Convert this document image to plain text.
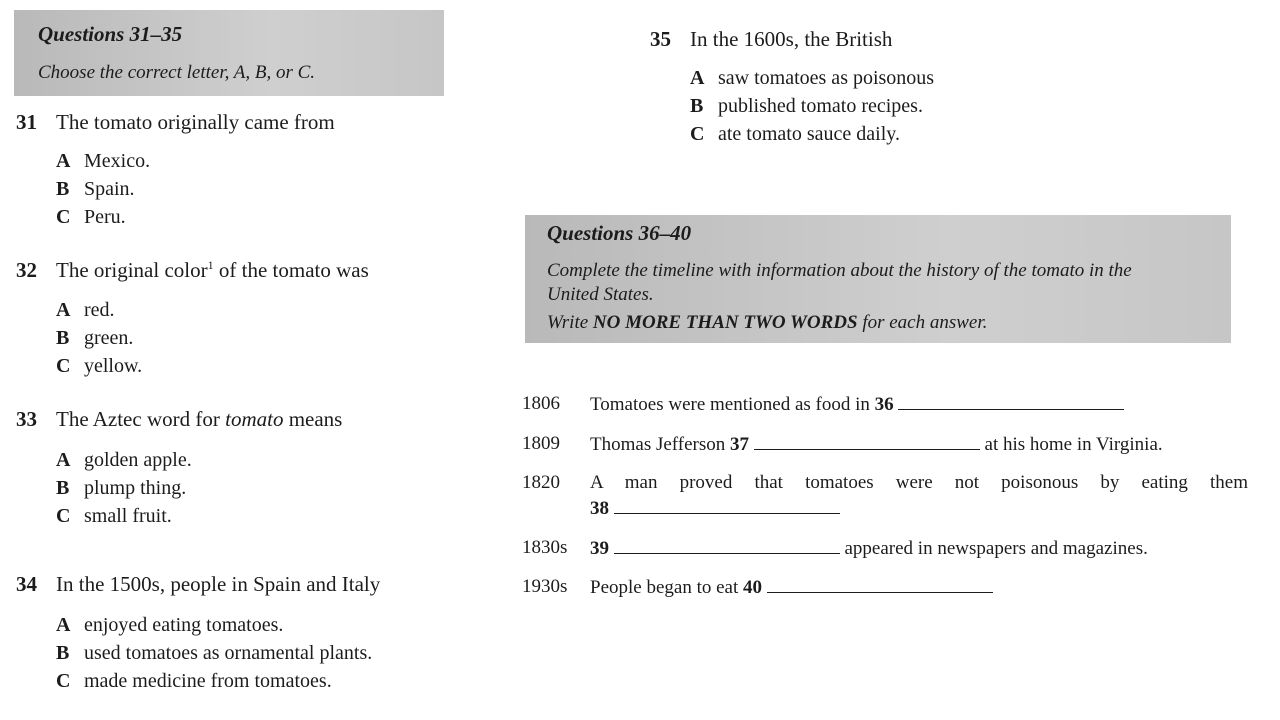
Questions 31–35
Choose the correct letter, A, B, or C.
31 The tomato originally came from
A Mexico.
B Spain.
C Peru.
32 The original color$^1$ of the tomato was
A red.
B green.
C yellow.
33 The Aztec word for tomato means
A golden apple.
B plump thing.
C small fruit.
34 In the 1500s, people in Spain and Italy
A enjoyed eating tomatoes.
B used tomatoes as ornamental plants.
C made medicine from tomatoes.
35 In the 1600s, the British
A saw tomatoes as poisonous
B published tomato recipes.
C ate tomato sauce daily.
Questions 36–40
Complete the timeline with information about the history of the tomato in the
United States.
Write NO MORE THAN TWO WORDS for each answer.
1806 Tomatoes were mentioned as food in 36
1809 Thomas Jefferson 37	at his home in Virginia.
1820 A man proved that tomatoes were not poisonous by eating them
38
1830s 39	appeared in newspapers and magazines.
1930s People began to eat 40
